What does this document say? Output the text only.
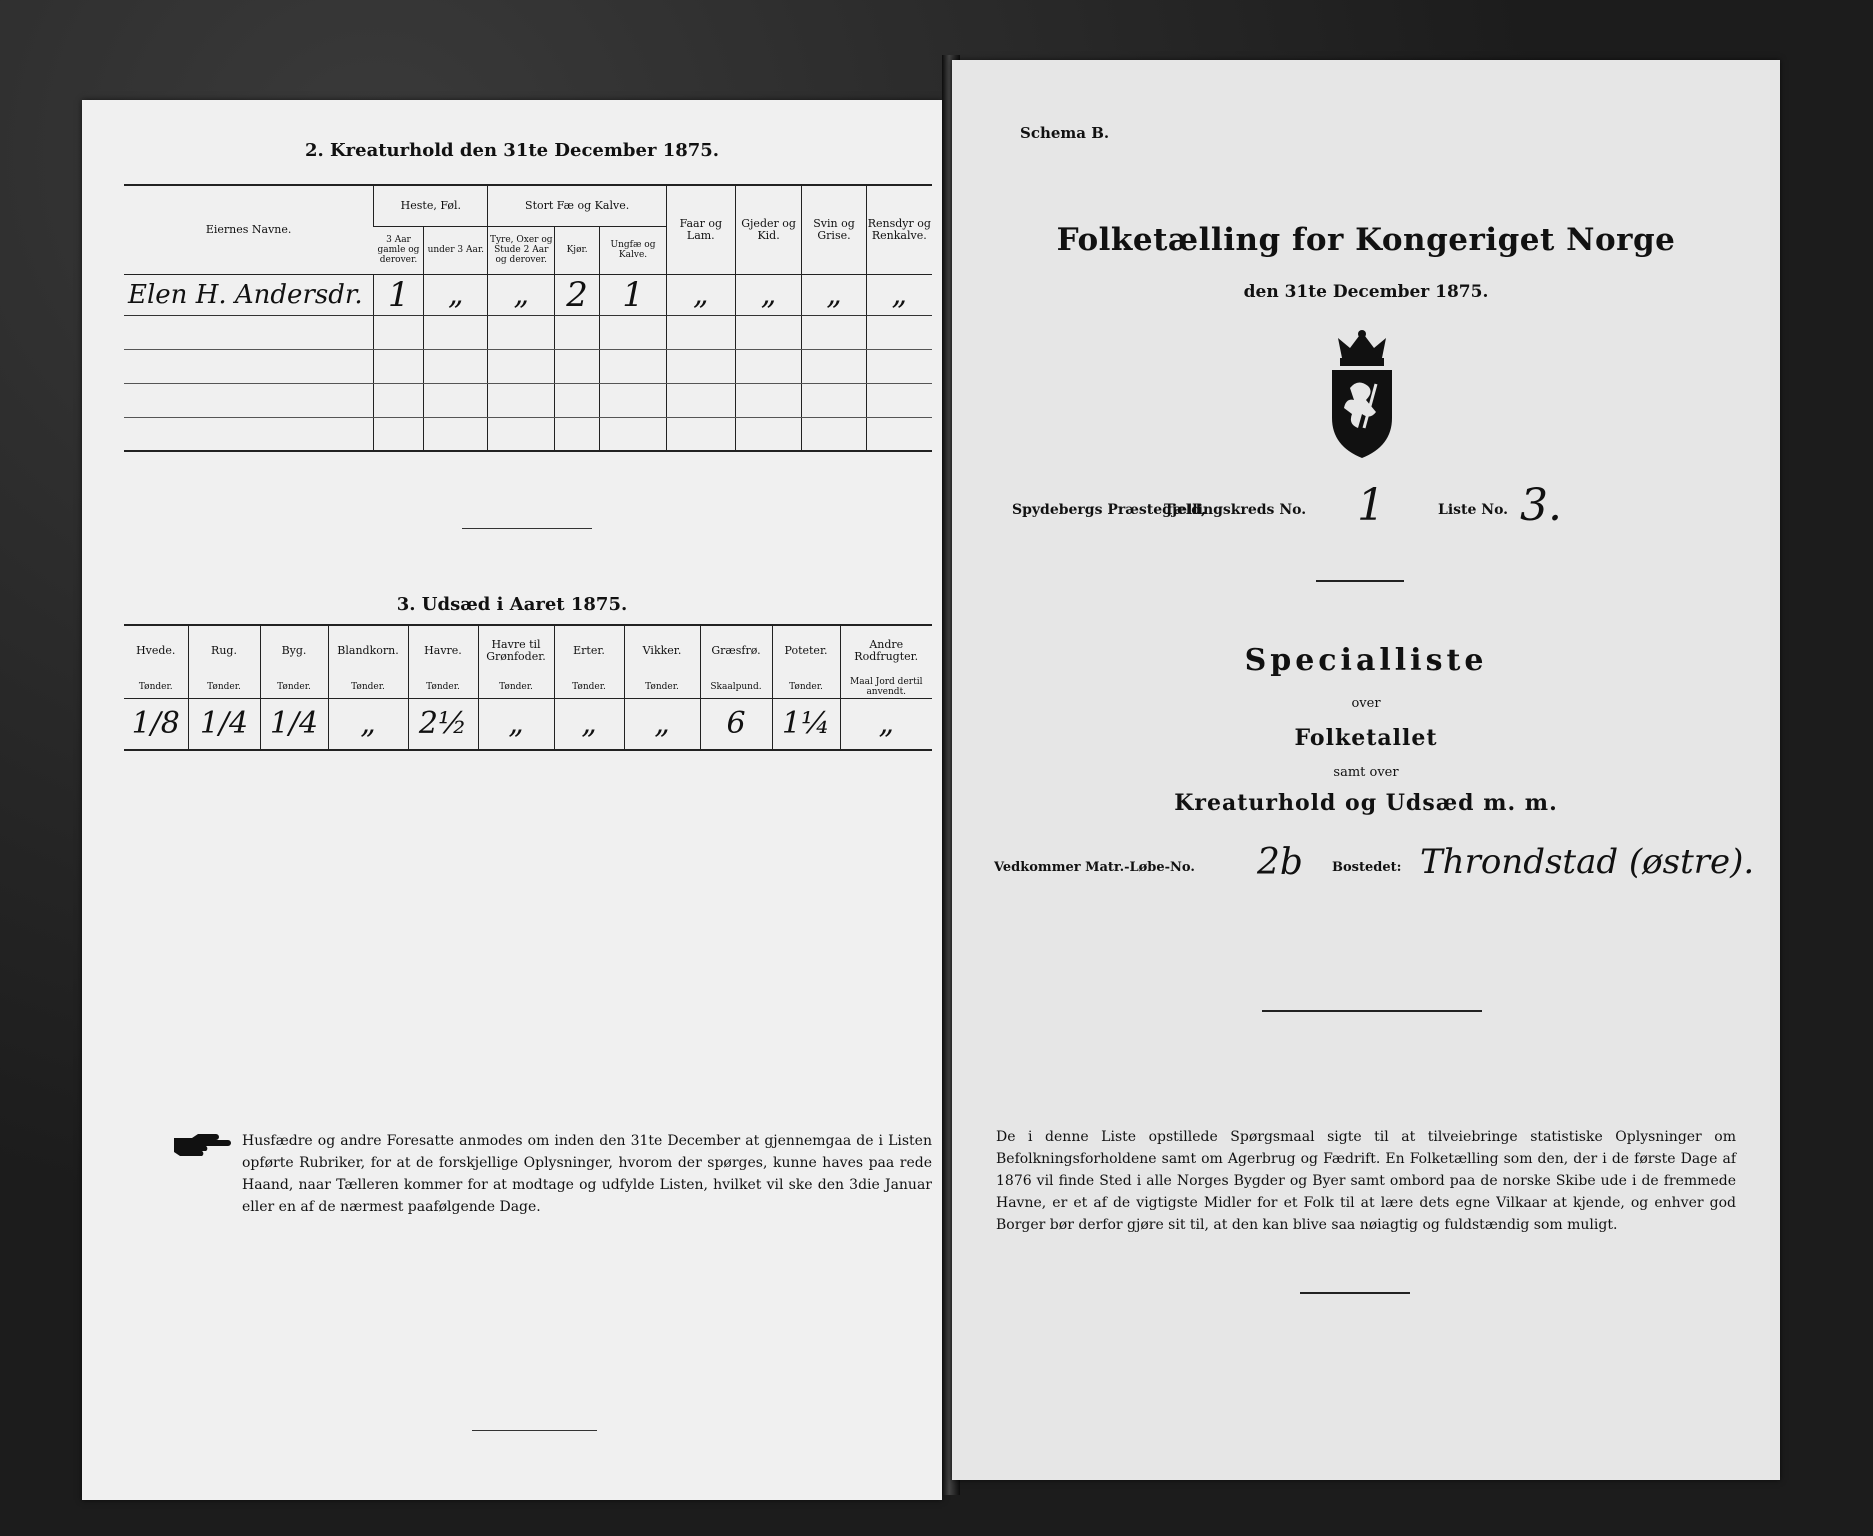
2. Kreaturhold den 31te December 1875.
Eiernes Navne.	Heste, Føl.		Stort Fæ og Kalve.			Faar og Lam.	Gjeder og Kid.	Svin og Grise.	Rensdyr og Renkalve.
	3 Aar gamle og derover.	under 3 Aar.	Tyre, Oxer og Stude 2 Aar og derover.	Kjør.	Ungfæ og Kalve.				
Elen H. Andersdr.	1	„	„	2	1	„	„	„	„

3. Udsæd i Aaret 1875.
Hvede.	Rug.	Byg.	Blandkorn.	Havre.	Havre til Grønfoder.	Erter.	Vikker.	Græsfrø.	Poteter.	Andre Rodfrugter.
Tønder.	Tønder.	Tønder.	Tønder.	Tønder.	Tønder.	Tønder.	Tønder.	Skaalpund.	Tønder.	Maal Jord dertil anvendt.
1/8	1/4	1/4	„	2½	„	„	„	6	1¼	„
Husfædre og andre Foresatte anmodes om inden den 31te December at gjennemgaa de i Listen opførte Rubriker, for at de forskjellige Oplysninger, hvorom der spørges, kunne haves paa rede Haand, naar Tælleren kommer for at modtage og udfylde Listen, hvilket vil ske den 3die Januar eller en af de nærmest paafølgende Dage.
Schema B.
Folketælling for Kongeriget Norge
den 31te December 1875.
Spydebergs Præstegjeld,
Tællingskreds No. 1	Liste No. 3.
Specialliste
over
Folketallet
samt over
Kreaturhold og Udsæd m. m.
Vedkommer Matr.-Løbe-No. 2b Bostedet: Throndstad (østre).
De i denne Liste opstillede Spørgsmaal sigte til at tilveiebringe statistiske Oplysninger om Befolkningsforholdene samt om Agerbrug og Fædrift. En Folketælling som den, der i de første Dage af 1876 vil finde Sted i alle Norges Bygder og Byer samt ombord paa de norske Skibe ude i de fremmede Havne, er et af de vigtigste Midler for et Folk til at lære dets egne Vilkaar at kjende, og enhver god Borger bør derfor gjøre sit til, at den kan blive saa nøiagtig og fuldstændig som muligt.
